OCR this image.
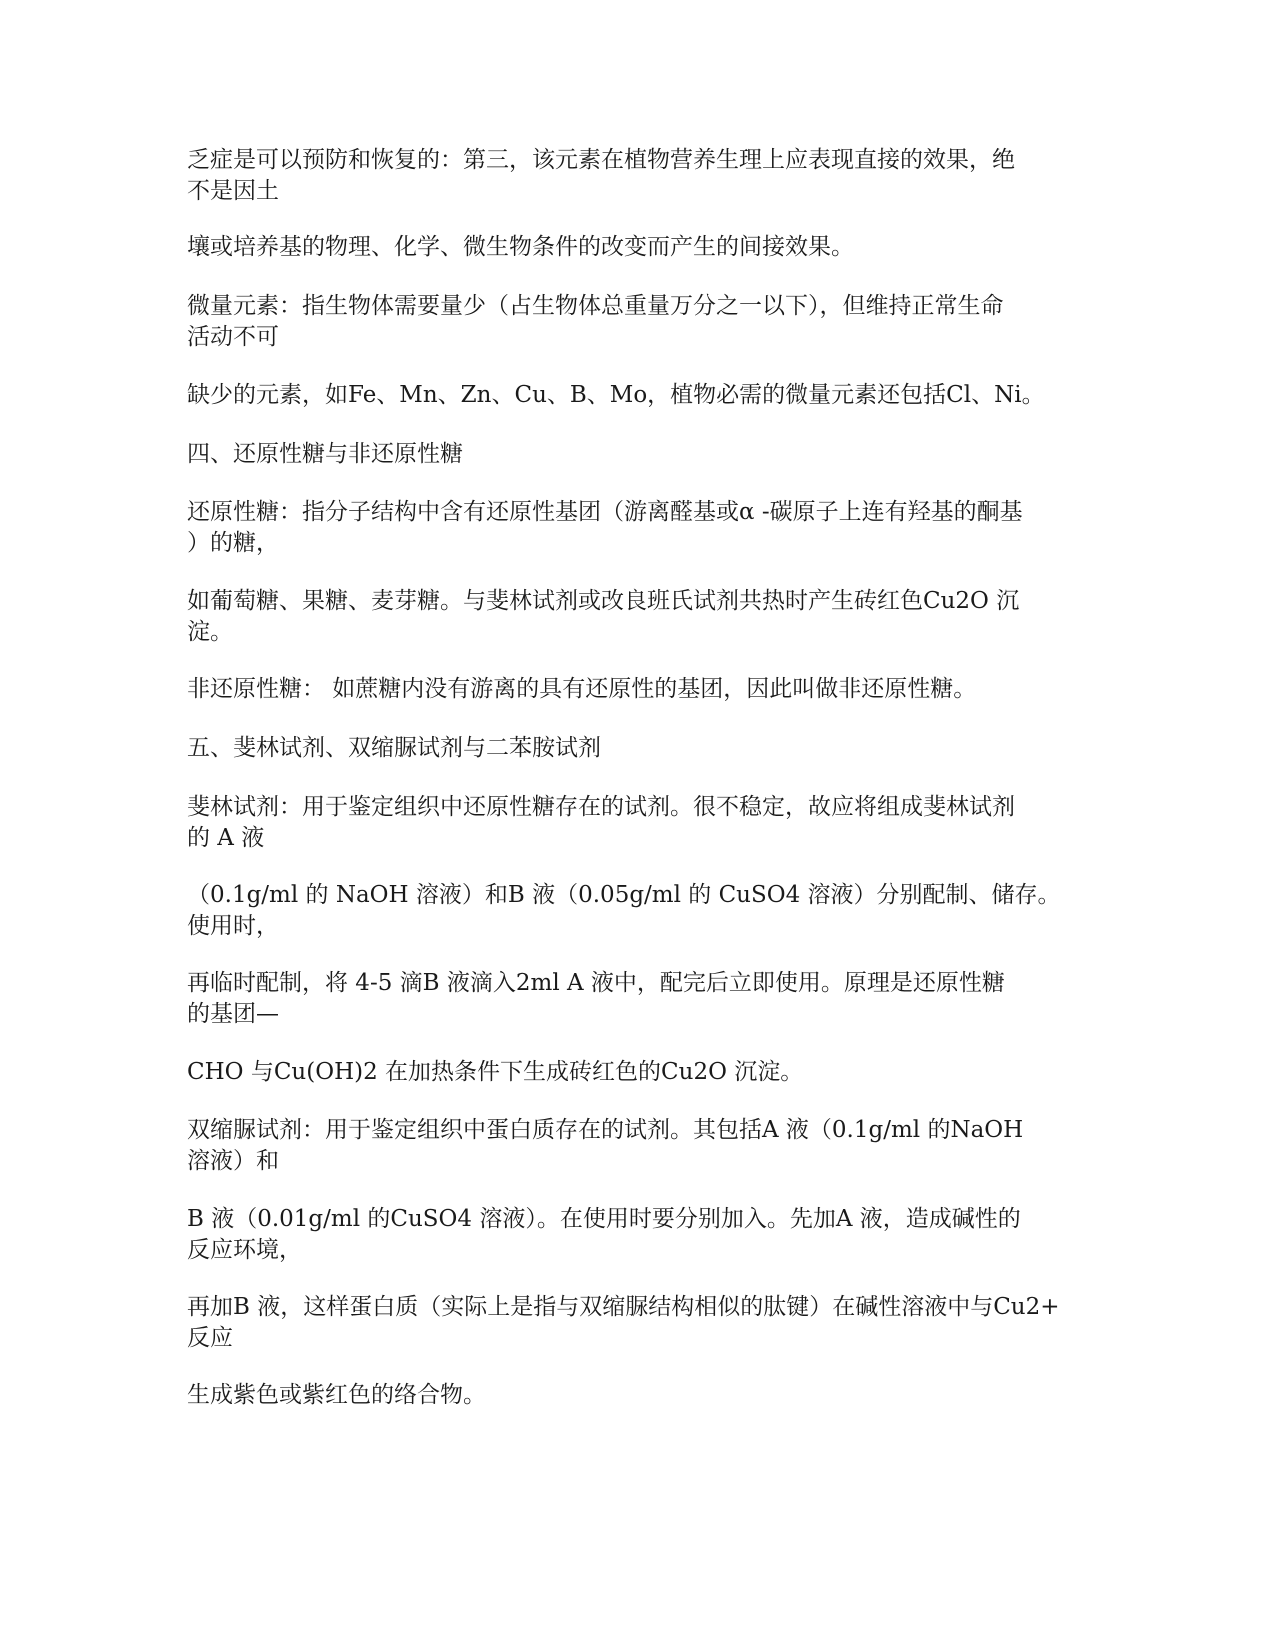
乏症是可以预防和恢复的：第三，该元素在植物营养生理上应表现直接的效果，绝
不是因土

壤或培养基的物理、化学、微生物条件的改变而产生的间接效果。

微量元素：指生物体需要量少（占生物体总重量万分之一以下），但维持正常生命
活动不可

缺少的元素，如Fe、Mn、Zn、Cu、B、Mo，植物必需的微量元素还包括Cl、Ni。

四、还原性糖与非还原性糖

还原性糖：指分子结构中含有还原性基团（游离醛基或α -碳原子上连有羟基的酮基
）的糖，

如葡萄糖、果糖、麦芽糖。与斐林试剂或改良班氏试剂共热时产生砖红色Cu2O 沉
淀。

非还原性糖： 如蔗糖内没有游离的具有还原性的基团，因此叫做非还原性糖。

五、斐林试剂、双缩脲试剂与二苯胺试剂

斐林试剂：用于鉴定组织中还原性糖存在的试剂。很不稳定，故应将组成斐林试剂
的 A 液

（0.1g/ml 的 NaOH 溶液）和B 液（0.05g/ml 的 CuSO4 溶液）分别配制、储存。
使用时，

再临时配制，将 4-5 滴B 液滴入2ml A 液中，配完后立即使用。原理是还原性糖
的基团—

CHO 与Cu(OH)2 在加热条件下生成砖红色的Cu2O 沉淀。

双缩脲试剂：用于鉴定组织中蛋白质存在的试剂。其包括A 液（0.1g/ml 的NaOH
溶液）和

B 液（0.01g/ml 的CuSO4 溶液）。在使用时要分别加入。先加A 液，造成碱性的
反应环境，

再加B 液，这样蛋白质（实际上是指与双缩脲结构相似的肽键）在碱性溶液中与Cu2+
反应

生成紫色或紫红色的络合物。
